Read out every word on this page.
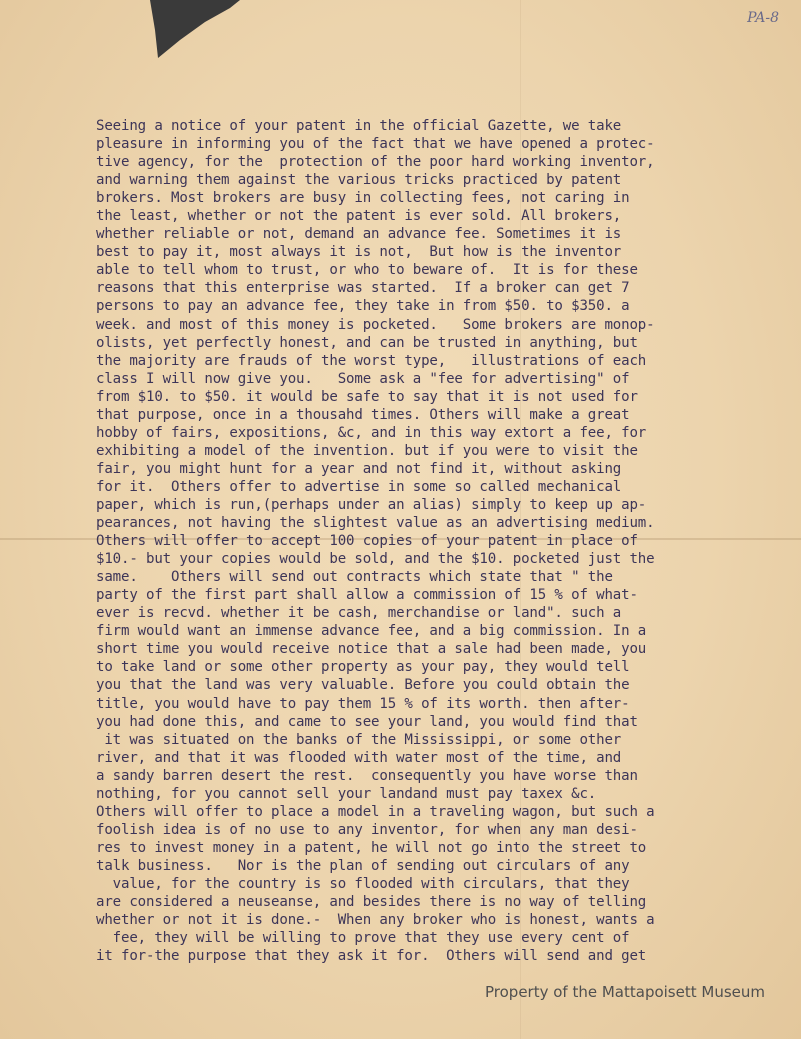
PA-8
Seeing a notice of your patent in the official Gazette, we take
pleasure in informing you of the fact that we have opened a protec-
tive agency, for the  protection of the poor hard working inventor,
and warning them against the various tricks practiced by patent
brokers. Most brokers are busy in collecting fees, not caring in
the least, whether or not the patent is ever sold. All brokers,
whether reliable or not, demand an advance fee. Sometimes it is
best to pay it, most always it is not,  But how is the inventor
able to tell whom to trust, or who to beware of.  It is for these
reasons that this enterprise was started.  If a broker can get 7
persons to pay an advance fee, they take in from $50. to $350. a
week. and most of this money is pocketed.   Some brokers are monop-
olists, yet perfectly honest, and can be trusted in anything, but
the majority are frauds of the worst type,   illustrations of each
class I will now give you.   Some ask a "fee for advertising" of
from $10. to $50. it would be safe to say that it is not used for
that purpose, once in a thousahd times. Others will make a great
hobby of fairs, expositions, &c, and in this way extort a fee, for
exhibiting a model of the invention. but if you were to visit the
fair, you might hunt for a year and not find it, without asking
for it.  Others offer to advertise in some so called mechanical
paper, which is run,(perhaps under an alias) simply to keep up ap-
pearances, not having the slightest value as an advertising medium.
Others will offer to accept 100 copies of your patent in place of
$10.- but your copies would be sold, and the $10. pocketed just the
same.    Others will send out contracts which state that " the
party of the first part shall allow a commission of 15 % of what-
ever is recvd. whether it be cash, merchandise or land". such a
firm would want an immense advance fee, and a big commission. In a
short time you would receive notice that a sale had been made, you
to take land or some other property as your pay, they would tell
you that the land was very valuable. Before you could obtain the
title, you would have to pay them 15 % of its worth. then after-
you had done this, and came to see your land, you would find that
it was situated on the banks of the Mississippi, or some other
river, and that it was flooded with water most of the time, and
a sandy barren desert the rest.  consequently you have worse than
nothing, for you cannot sell your landand must pay taxex &c.
Others will offer to place a model in a traveling wagon, but such a
foolish idea is of no use to any inventor, for when any man desi-
res to invest money in a patent, he will not go into the street to
talk business.   Nor is the plan of sending out circulars of any
value, for the country is so flooded with circulars, that they
are considered a neuseanse, and besides there is no way of telling
whether or not it is done.-  When any broker who is honest, wants a
fee, they will be willing to prove that they use every cent of
it for-the purpose that they ask it for.  Others will send and get
Property of the Mattapoisett Museum
